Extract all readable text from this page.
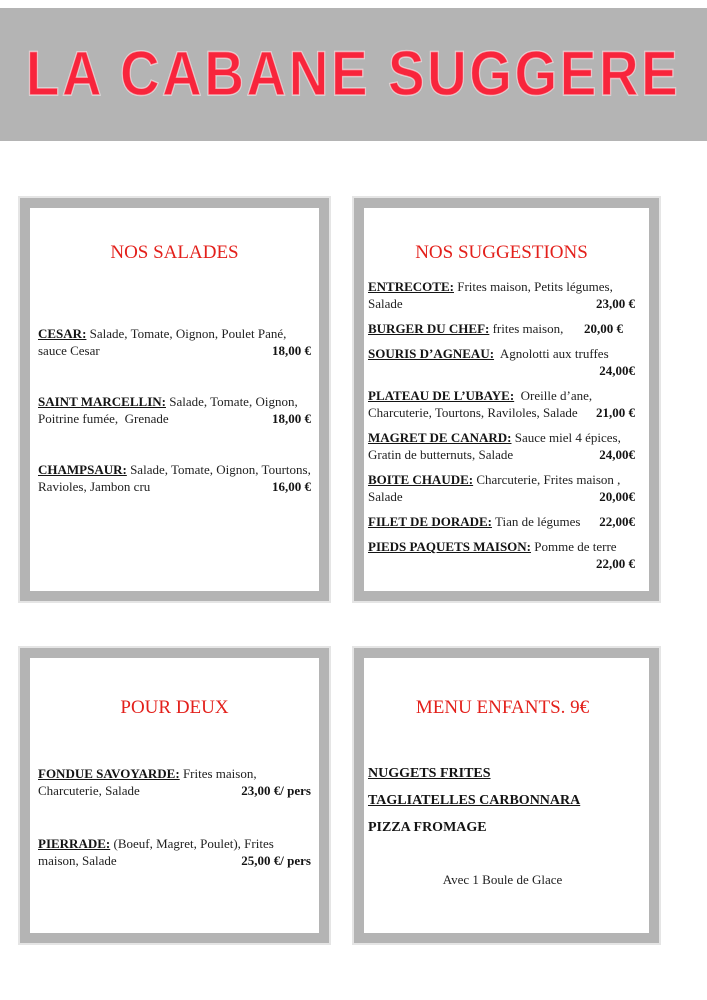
LA CABANE SUGGERE LA CABANE SUGGERE
NOS SALADES
CESAR: Salade, Tomate, Oignon, Poulet Pané,
sauce Cesar	18,00 €
SAINT MARCELLIN: Salade, Tomate, Oignon,
Poitrine fumée,  Grenade	18,00 €
CHAMPSAUR: Salade, Tomate, Oignon, Tourtons,
Ravioles, Jambon cru	16,00 €
NOS SUGGESTIONS
ENTRECOTE: Frites maison, Petits légumes,
Salade	23,00 €
BURGER DU CHEF: frites maison, 20,00 €
SOURIS D’AGNEAU: Agnolotti aux truffes
24,00€
PLATEAU DE L’UBAYE: Oreille d’ane,
Charcuterie, Tourtons, Raviloles, Salade 21,00 €
MAGRET DE CANARD: Sauce miel 4 épices,
Gratin de butternuts, Salade	24,00€
BOITE CHAUDE: Charcuterie, Frites maison ,
Salade	20,00€
FILET DE DORADE: Tian de légumes 22,00€
PIEDS PAQUETS MAISON: Pomme de terre
22,00 €
POUR DEUX
FONDUE SAVOYARDE: Frites maison,
Charcuterie, Salade	23,00 €/ pers
PIERRADE: (Boeuf, Magret, Poulet), Frites
maison, Salade	25,00 €/ pers
MENU ENFANTS. 9€
NUGGETS FRITES
TAGLIATELLES CARBONNARA
PIZZA FROMAGE
Avec 1 Boule de Glace
